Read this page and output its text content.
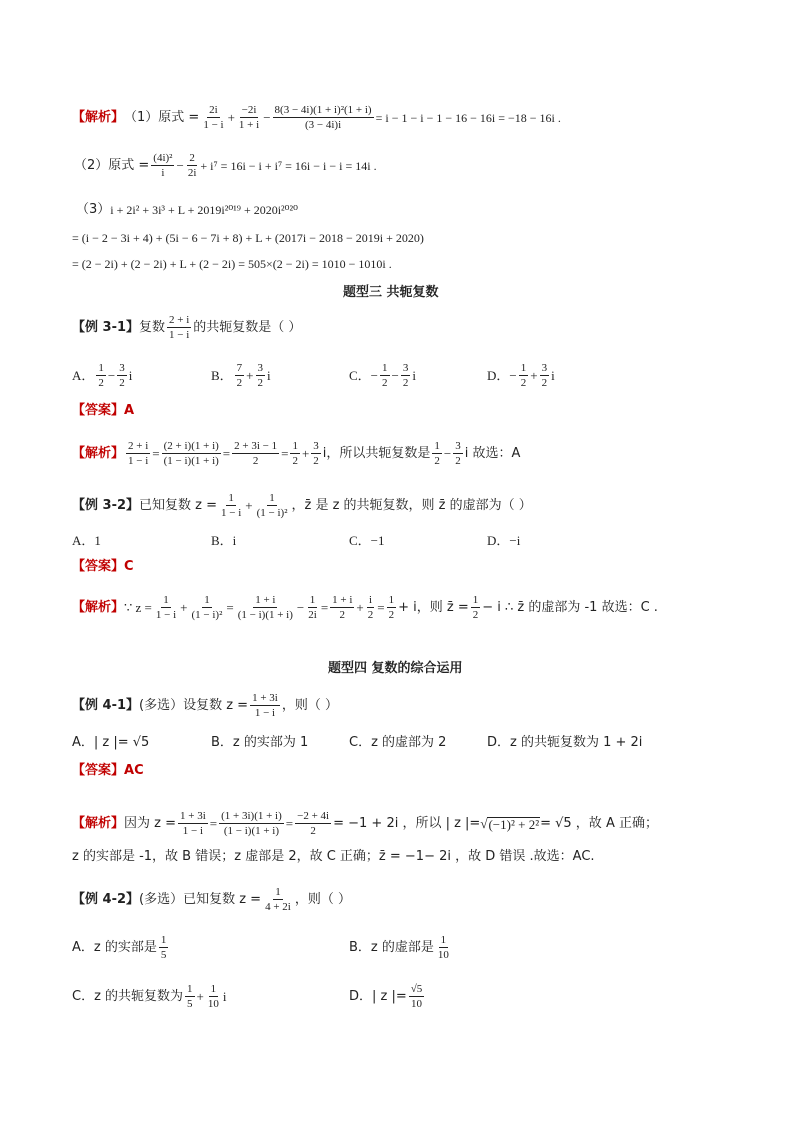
【解析】 （1）原式 = $\frac{2i}{1 - i} + \frac{-2i}{1 + i} - \frac{\text{8(3 − 4i)(1 + i)²(1 + i)}}{(3 - 4i)i} = i - 1 - i - 1 - 16 - 16i = -18 - 16i$ .
（2）原式 = $\frac{\text{(4i)²}}{i} - \frac{2}{2i} + i^7 = 16i - i + i^7 = 16i - i - i = 14i$ .
（3） i + 2i² + 3i³ + L + 2019i²⁰¹⁹ + 2020i²⁰²⁰
= (i − 2 − 3i + 4) + (5i − 6 − 7i + 8) + L + (2017i − 2018 − 2019i + 2020)
= (2 − 2i) + (2 − 2i) + L + (2 − 2i) = 505×(2 − 2i) = 1010 − 1010i .
题型三 共轭复数
【例 3-1】 复数 $\frac{2 + i}{1 - i}$ 的共轭复数是（ ）
A． $\frac{1}{2} - \frac{3}{2}$ i	B． $\frac{7}{2} + \frac{3}{2}$ i	C． − $\frac{1}{2} - \frac{3}{2}$ i	D． − $\frac{1}{2} + \frac{3}{2}$ i
【答案】 A
【解析】 $\frac{2 + i}{1 - i} = \frac{(2 + i)(1 + i)}{(1 - i)(1 + i)} = \frac{2 + 3i - 1}{2} = \frac{1}{2} + \frac{3}{2}$ i，所以共轭复数是 $\frac{1}{2} - \frac{3}{2}$ i 故选：A
【例 3-2】 已知复数 $z = \frac{1}{1 - i} + \frac{1}{\text{(1 − i)²}}$ ，z̄ 是 z 的共轭复数，则 z̄ 的虚部为（ ）
A．1	B．i	C．−1	D．−i
【答案】 C
【解析】 ∵ $z = \frac{1}{1 - i} + \frac{1}{\text{(1 − i)²}} = \frac{1 + i}{(1 - i)(1 + i)} - \frac{1}{2i} = \frac{1 + i}{2} + \frac{i}{2} = \frac{1}{2} + i$，则 z̄ = $\frac{1}{2} - i$ ∴ z̄ 的虚部为 -1 故选：C .
题型四 复数的综合运用
【例 4-1】 (多选）设复数 $z = \frac{1 + 3i}{1 - i}$ ，则（ ）
A．| z |= √5	B．z 的实部为 1	C．z 的虚部为 2	D．z 的共轭复数为 1 + 2i
【答案】 AC
【解析】 因为 $z = \frac{1 + 3i}{1 - i} = \frac{(1 + 3i)(1 + i)}{(1 - i)(1 + i)} = \frac{-2 + 4i}{2} = -1 + 2i$ ，所以 | z |= √ (−1)² + 2² = √5 ，故 A 正确；
z 的实部是 -1，故 B 错误；z 虚部是 2，故 C 正确；z̄ = −1− 2i ，故 D 错误 .故选：AC.
【例 4-2】 (多选）已知复数 $z = \frac{1}{4 + 2i}$ ，则（ ）
A．z 的实部是 $\frac{1}{5}$	B．z 的虚部是 $\frac{1}{10}$
C．z 的共轭复数为 $\frac{1}{5} + \frac{1}{10}$ i	D．| z |= $\frac{√5}{10}$
